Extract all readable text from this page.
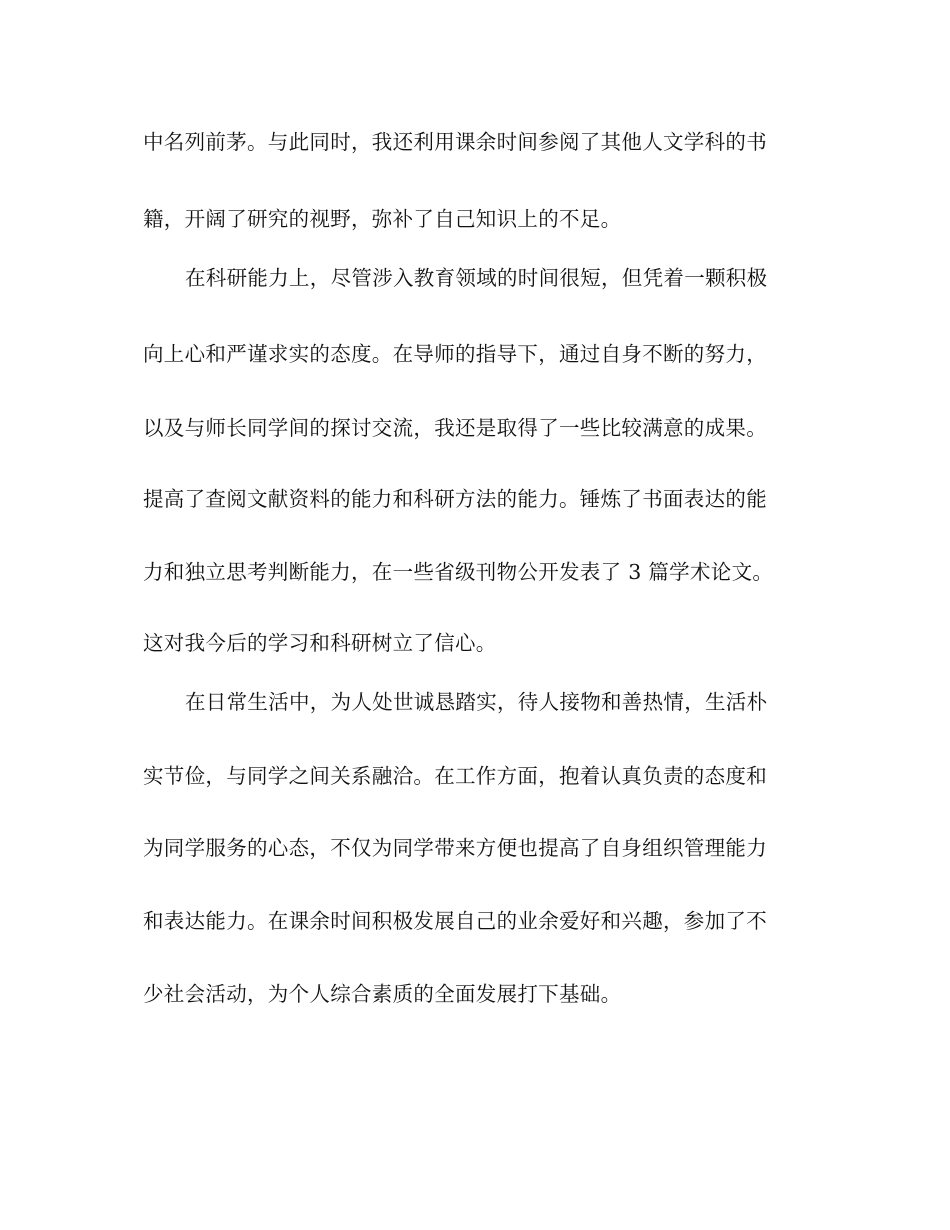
中名列前茅。与此同时，我还利用课余时间参阅了其他人文学科的书

籍，开阔了研究的视野，弥补了自己知识上的不足。

在科研能力上，尽管涉入教育领域的时间很短，但凭着一颗积极

向上心和严谨求实的态度。在导师的指导下，通过自身不断的努力，

以及与师长同学间的探讨交流，我还是取得了一些比较满意的成果。

提高了查阅文献资料的能力和科研方法的能力。锤炼了书面表达的能

力和独立思考判断能力，在一些省级刊物公开发表了 3 篇学术论文。

这对我今后的学习和科研树立了信心。

在日常生活中，为人处世诚恳踏实，待人接物和善热情，生活朴

实节俭，与同学之间关系融洽。在工作方面，抱着认真负责的态度和

为同学服务的心态，不仅为同学带来方便也提高了自身组织管理能力

和表达能力。在课余时间积极发展自己的业余爱好和兴趣，参加了不

少社会活动，为个人综合素质的全面发展打下基础。
